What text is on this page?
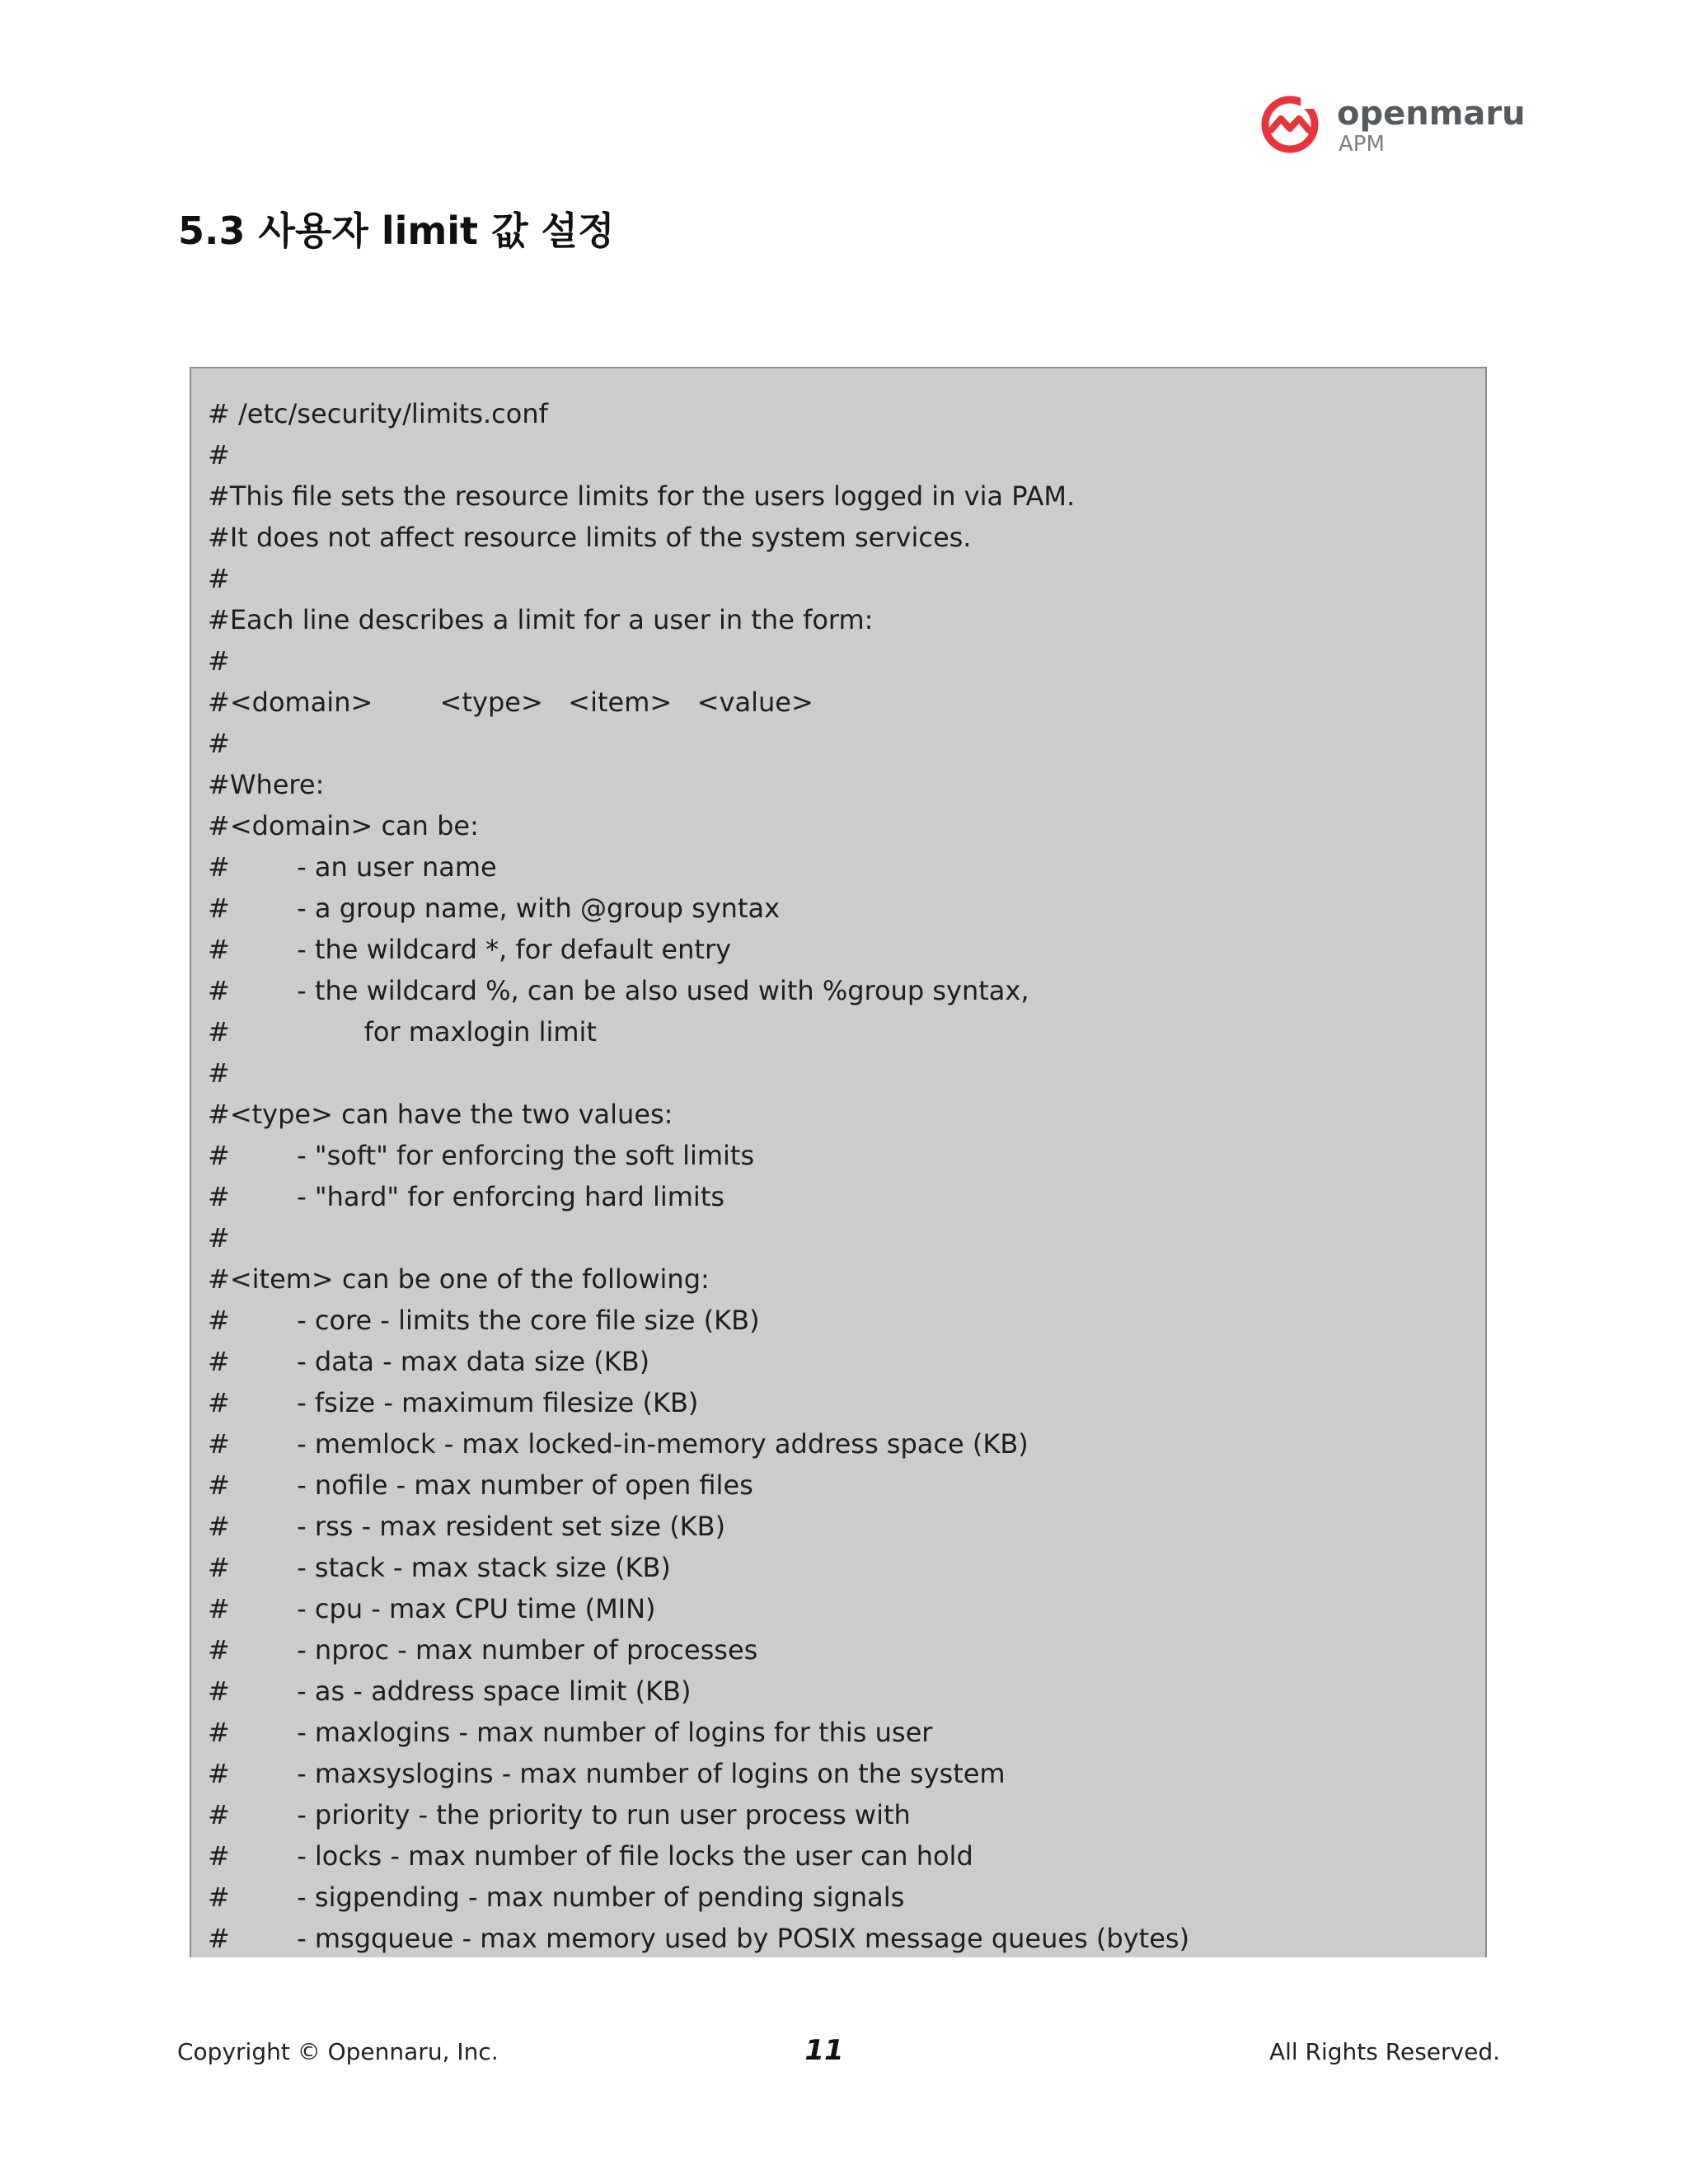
openmaru
APM
5.3 사용자 limit 값 설정
# /etc/security/limits.conf
#
#This file sets the resource limits for the users logged in via PAM.
#It does not affect resource limits of the system services.
#
#Each line describes a limit for a user in the form:
#
#<domain>        <type>   <item>   <value>
#
#Where:
#<domain> can be:
#        - an user name
#        - a group name, with @group syntax
#        - the wildcard *, for default entry
#        - the wildcard %, can be also used with %group syntax,
#                for maxlogin limit
#
#<type> can have the two values:
#        - "soft" for enforcing the soft limits
#        - "hard" for enforcing hard limits
#
#<item> can be one of the following:
#        - core - limits the core file size (KB)
#        - data - max data size (KB)
#        - fsize - maximum filesize (KB)
#        - memlock - max locked-in-memory address space (KB)
#        - nofile - max number of open files
#        - rss - max resident set size (KB)
#        - stack - max stack size (KB)
#        - cpu - max CPU time (MIN)
#        - nproc - max number of processes
#        - as - address space limit (KB)
#        - maxlogins - max number of logins for this user
#        - maxsyslogins - max number of logins on the system
#        - priority - the priority to run user process with
#        - locks - max number of file locks the user can hold
#        - sigpending - max number of pending signals
#        - msgqueue - max memory used by POSIX message queues (bytes)
Copyright © Opennaru, Inc.	11	All Rights Reserved.
